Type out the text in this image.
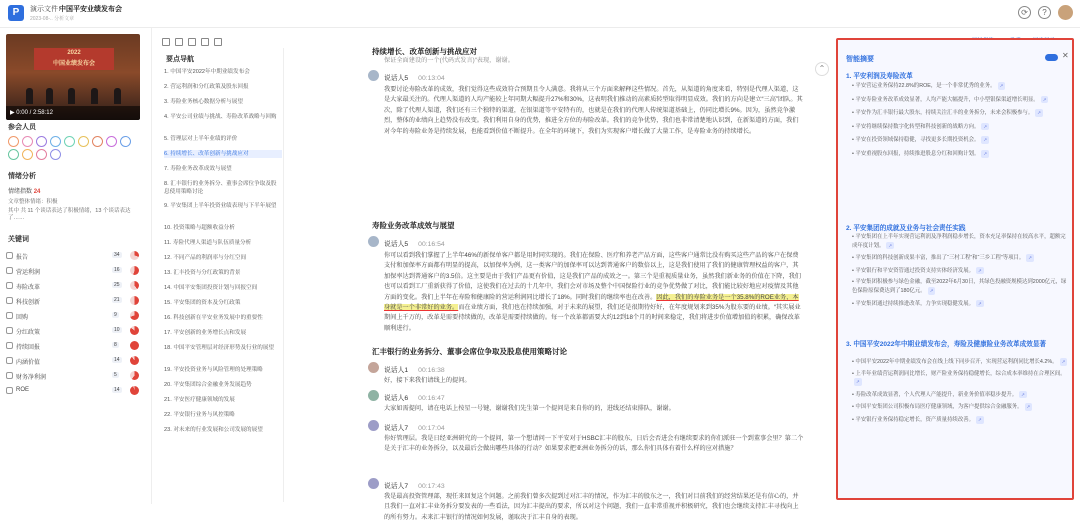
P	演示文件：
中国平安业绩发布会
2023-08-.. 分析文章
⟳	?
2022
中国业绩发布会
▶ 0:00 / 2:58:12
参会人员
情绪分析
情绪指数 24
文章整体情绪：积极
其中 共 11 个谈话表达了积极情绪，13 个谈话表达了……
关键词
报告	34
营运利润	16
寿险改革	25
科技创新	21
回购	9
分红政策	10
持续回报	8
内涵价值	14
财务净利润	5
ROE	14
要点导航
1. 中国平安2022年中期业绩发布会
2. 营运利润和分红政策及股东回报
3. 寿险业务核心数据分析与展望
4. 平安公司业绩与挑战、寿险改革战略与回购
5. 管理层对上半年业绩的评价
6. 持续增长、改革创新与挑战应对
7. 寿险业务改革成效与展望
8. 汇丰银行的业务拆分、董事会席位争取及股息使用策略讨论
9. 平安集团上半年投资业绩表现与下半年展望
10. 投资策略与超额收益分析
11. 寿险代理人渠道与队伍质量分析
12. 不同产品的利润率与分红空间
13. 汇丰投资与分红政策的背景
14. 中国平安集团投资计划与回报空间
15. 平安集团的资本及分红政策
16. 科技创新在平安业务发展中的重要性
17. 平安创新的业务增长点和发展
18. 中国平安管理层对经济形势及行业的展望
19. 平安投资业务与风险管理的处理策略
20. 平安集团综合金融业务发展趋势
21. 平安医疗健康领域的发展
22. 平安银行业务与风控策略
23. 对未来的行业发展和公司发展的展望
持续增长、改革创新与挑战应对
保证全面建设的一个(代码式发言)“表现，谢谢。
说话人5 00:13:04
我要讨论寿险改革的成效，我们觉得这些成效符合预期且令人满意。我将从三个方面来解释这些情况。首先，从渠道的角度来看，特别是代理人渠道，这是大家最关注的。代理人渠道的人均产能较上年同期大幅提升27%和30%，这表明我们推动的高素质转型取得明显成效。我们的方向是建立“三高”团队。其次，除了代理人渠道，我们还有三个独特的渠道，在银渠道等平安特有的，也就是在我们的代理人传统渠道基础上，仍同比增长9%。因为，虽然竞争激烈，整体的业绩向上趋势没有改变。我们利用自身的优势，推进全方位的寿险改革。我们的竞争优势，我们也非常清楚地认识到，在新渠道的方面，我们对今年的寿险业务是持续发展，也能看到价值不断提升。在全年的环境下，我们为实现客户增长做了大量工作，是寿险业务的持续增长。
寿险业务改革成效与展望
说话人5 00:16:54
你可以看到我们掌握了上半年46%的新保单客户都是用时同实现的。我们在保险、医疗和养老产品方面，这些客户通常比没有购买这些产品的客户在保费支付和加保率方面都有明显的提高，以加保率为例，这一类客户的加保率可以达到普通客户的数倍以上，这是我们使用了我们的健康管理权益的客户，其加保率达到普通客户的3.5倍。这主要是由于我们产品更有价值，这是我们产品的成效之一。第三个是重视质量业务，虽然我们新业务的价值在下降，我们也可以看到工厂重新获得了价值，这使我们在过去的十几年中，我们会对市场及整个中国保险行业的竞争优势做了对比，我们能比较好地应对疫情及其他方面的变化。我们上半年在寿险和健康险的营运利润同比增长了18%。同时我们的继续率也在改善。因此，我们的寿险业务是一个35.8%的ROE业务，本身就是一个非常好的业务。而在业绩方面，我们也在持续加强，对于未来的展望，我们还是很期待好好，在年度规划来到35%为股东要的业绩。“其实展业期间上千万的，改革是需要持续做的，改革是需要持续做的。每一个改革都需要大约12到18个月的时间来稳定，我们将进步价值增加值的积累，确保改革顺利进行。
汇丰银行的业务拆分、董事会席位争取及股息使用策略讨论
说话人1 00:16:38
好，接下来我们请线上的提问。
说话人6 00:16:47
大家如需提问，请在电话上按星一号键，谢谢我们先生第一个提问是来自你的的，进线还结束排队，谢谢。
说话人7 00:17:04
你好管理层。我是日经亚洲研究的一个提问，第一个想请问一下平安对于HSBC汇丰的股东，日后会否进会有继续要求的你们派驻一个到董事会里？第二个是关于汇丰的业务拆分，以及最后会做出哪些具体的行动？如果要求把亚洲业务拆分的话，那么你们具体有着什么样的应对措施？
说话人7 00:17:43
我是最高投资管理部，现任来回复这个问题。之前我们曾多次提到过对汇丰的情况，作为汇丰的股东之一，我们对目前我们的经营结果还是有信心的，并且我们一直对汇丰业务拆分要发表的一些看法，因为汇丰提出的要求，所以对这个问题，我们一直非常重视并积极研究，我们也会继续支持汇丰寻找向上的所有努力。未来汇丰银行的情况如何发展，谨取决于汇丰自身的表现。
⌃
智能摘要	✕
1. 平安利润及寿险改革
• 平安营运业务保持22.8%的ROE，是一个非常优秀的业务。 ↗
• 平安寿险业务改革成效显著，人均产能大幅提升，中小型银保渠道增长明显。 ↗
• 平安作为汇丰银行最大股东，持续关注汇丰的业务拆分，未来会积极参与。 ↗
• 平安将继续保持数字化转型和科技创新的战略方向。 ↗
• 平安在投资领域保持稳健，寻找更多长期投资机会。 ↗
• 平安重视股东回报，持续推进股息分红和回购计划。 ↗
2. 平安集团的成就及业务与社会责任实践
• 平安集团在上半年实现营运利润及净利润稳步增长，资本充足率保持在较高水平，超额完成年度计划。 ↗
• 平安集团的科技创新成果丰富，推出了“三村工程”和“三乡工程”等项目。 ↗
• 平安银行和平安资管通过投资支持实体经济发展。 ↗
• 平安集团积极参与绿色金融，截至2022年6月30日，其绿色投融资规模达到2000亿元，绿色保险原保费达到了180亿元。 ↗
• 平安集团通过持续推进改革，力争实现稳健发展。 ↗
3. 中国平安2022年中期业绩发布会，寿险及健康险业务改革成效显著
• 中国平安2022年中期业绩发布会在线上线下同步召开，实现营运利润同比增长4.2%。 ↗
• 上半年业绩营运利润同比增长，财产险业务保持稳健增长，综合成本率维持在合理区间。↗
• 寿险改革成效显著，个人代理人产能提升，新业务价值率稳步提升。 ↗
• 中国平安集团公司积极布局医疗健康领域，为客户提供综合金融服务。 ↗
• 平安银行业务保持稳定增长，资产质量持续改善。 ↗
